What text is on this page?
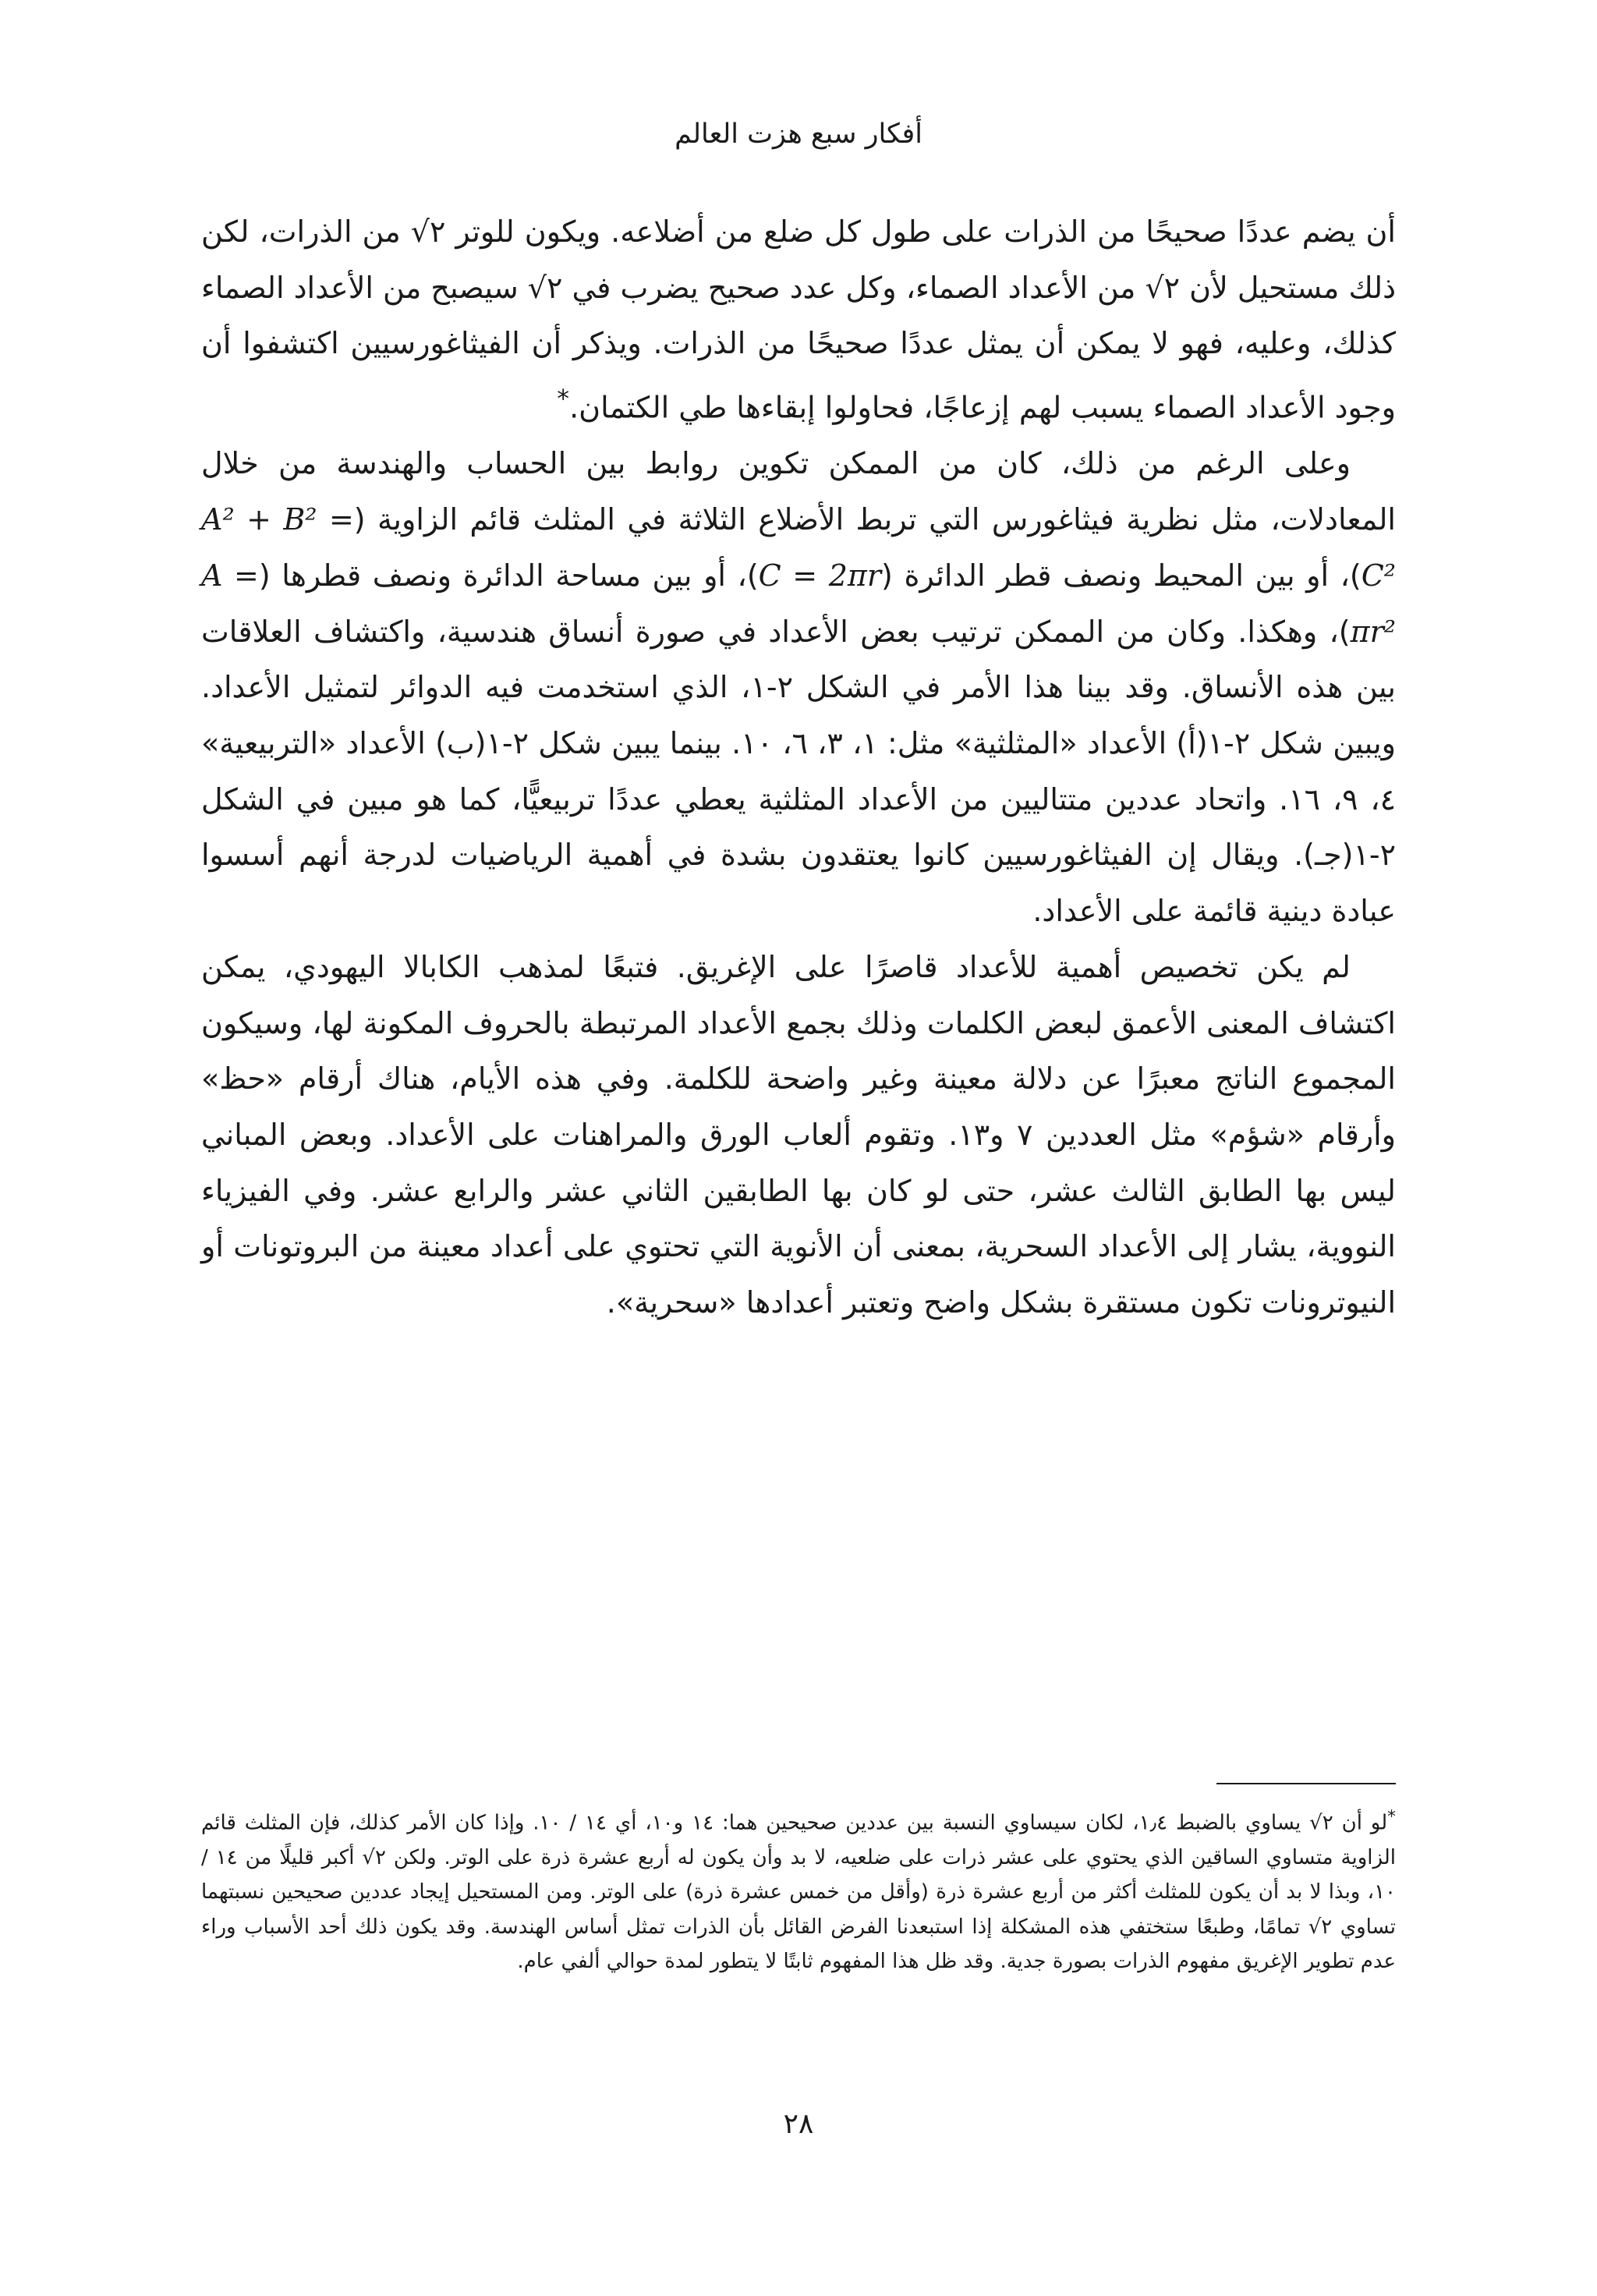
أفكار سبع هزت العالم

أن يضم عددًا صحيحًا من الذرات على طول كل ضلع من أضلاعه. ويكون للوتر √٢ من الذرات، لكن ذلك مستحيل لأن √٢ من الأعداد الصماء، وكل عدد صحيح يضرب في √٢ سيصبح من الأعداد الصماء كذلك، وعليه، فهو لا يمكن أن يمثل عددًا صحيحًا من الذرات. ويذكر أن الفيثاغورسيين اكتشفوا أن وجود الأعداد الصماء يسبب لهم إزعاجًا، فحاولوا إبقاءها طي الكتمان.*

وعلى الرغم من ذلك، كان من الممكن تكوين روابط بين الحساب والهندسة من خلال المعادلات، مثل نظرية فيثاغورس التي تربط الأضلاع الثلاثة في المثلث قائم الزاوية (A² + B² = C²)، أو بين المحيط ونصف قطر الدائرة (C = 2πr)، أو بين مساحة الدائرة ونصف قطرها (A = πr²)، وهكذا. وكان من الممكن ترتيب بعض الأعداد في صورة أنساق هندسية، واكتشاف العلاقات بين هذه الأنساق. وقد بينا هذا الأمر في الشكل ٢-١، الذي استخدمت فيه الدوائر لتمثيل الأعداد. ويبين شكل ٢-١(أ) الأعداد «المثلثية» مثل: ١، ٣، ٦، ١٠. بينما يبين شكل ٢-١(ب) الأعداد «التربيعية» ٤، ٩، ١٦. واتحاد عددين متتاليين من الأعداد المثلثية يعطي عددًا تربيعيًّا، كما هو مبين في الشكل ٢-١(جـ). ويقال إن الفيثاغورسيين كانوا يعتقدون بشدة في أهمية الرياضيات لدرجة أنهم أسسوا عبادة دينية قائمة على الأعداد.

لم يكن تخصيص أهمية للأعداد قاصرًا على الإغريق. فتبعًا لمذهب الكابالا اليهودي، يمكن اكتشاف المعنى الأعمق لبعض الكلمات وذلك بجمع الأعداد المرتبطة بالحروف المكونة لها، وسيكون المجموع الناتج معبرًا عن دلالة معينة وغير واضحة للكلمة. وفي هذه الأيام، هناك أرقام «حظ» وأرقام «شؤم» مثل العددين ٧ و١٣. وتقوم ألعاب الورق والمراهنات على الأعداد. وبعض المباني ليس بها الطابق الثالث عشر، حتى لو كان بها الطابقين الثاني عشر والرابع عشر. وفي الفيزياء النووية، يشار إلى الأعداد السحرية، بمعنى أن الأنوية التي تحتوي على أعداد معينة من البروتونات أو النيوترونات تكون مستقرة بشكل واضح وتعتبر أعدادها «سحرية».

*لو أن √٢ يساوي بالضبط ١٫٤، لكان سيساوي النسبة بين عددين صحيحين هما: ١٤ و١٠، أي ١٤ / ١٠. وإذا كان الأمر كذلك، فإن المثلث قائم الزاوية متساوي الساقين الذي يحتوي على عشر ذرات على ضلعيه، لا بد وأن يكون له أربع عشرة ذرة على الوتر. ولكن √٢ أكبر قليلًا من ١٤ / ١٠، وبذا لا بد أن يكون للمثلث أكثر من أربع عشرة ذرة (وأقل من خمس عشرة ذرة) على الوتر. ومن المستحيل إيجاد عددين صحيحين نسبتهما تساوي √٢ تمامًا، وطبعًا ستختفي هذه المشكلة إذا استبعدنا الفرض القائل بأن الذرات تمثل أساس الهندسة. وقد يكون ذلك أحد الأسباب وراء عدم تطوير الإغريق مفهوم الذرات بصورة جدية. وقد ظل هذا المفهوم ثابتًا لا يتطور لمدة حوالي ألفي عام.

٢٨
